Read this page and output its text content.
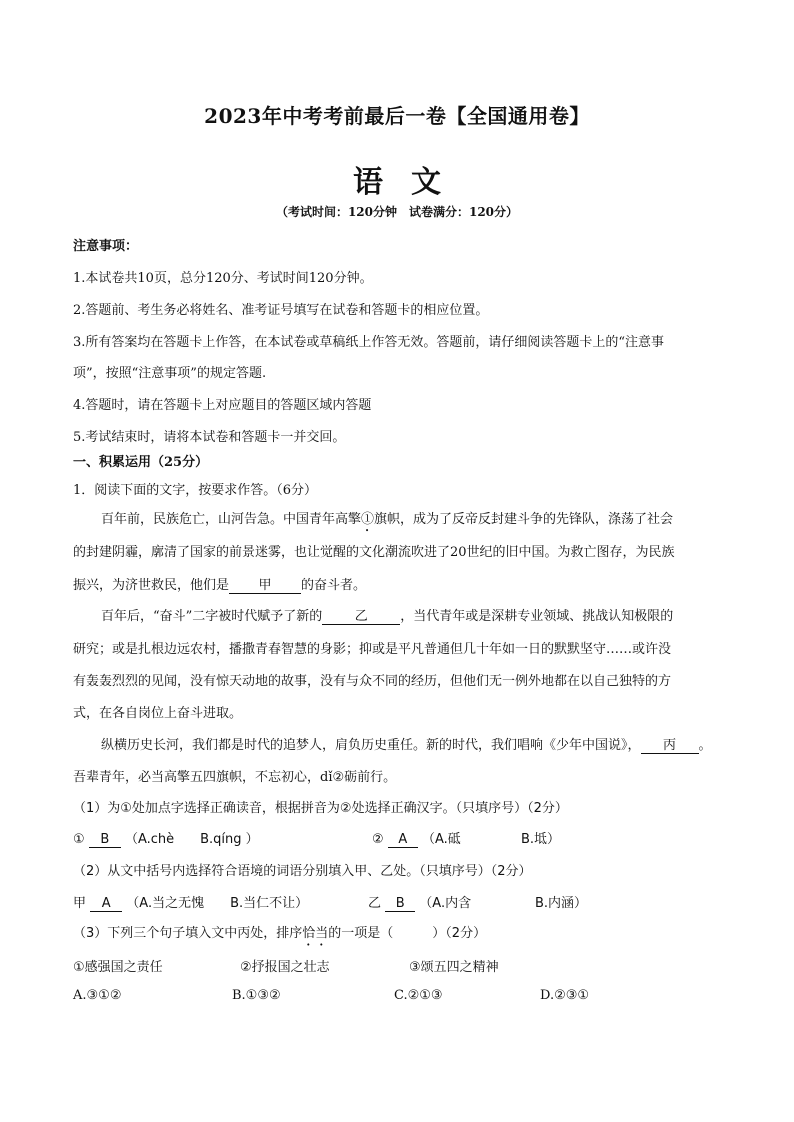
2023年中考考前最后一卷【全国通用卷】
语文
（考试时间：120分钟　试卷满分：120分）
注意事项：
1.本试卷共10页，总分120分、考试时间120分钟。
2.答题前、考生务必将姓名、准考证号填写在试卷和答题卡的相应位置。
3.所有答案均在答题卡上作答，在本试卷或草稿纸上作答无效。答题前，请仔细阅读答题卡上的“注意事
项”，按照“注意事项”的规定答题.
4.答题时，请在答题卡上对应题目的答题区域内答题
5.考试结束时，请将本试卷和答题卡一并交回。
一、积累运用（25分）
1．阅读下面的文字，按要求作答。（6分）
百年前，民族危亡，山河告急。中国青年高擎①旗帜，成为了反帝反封建斗争的先锋队，涤荡了社会
的封建阴霾，廓清了国家的前景迷雾，也让觉醒的文化潮流吹进了20世纪的旧中国。为救亡图存，为民族
振兴，为济世救民，他们是 甲 的奋斗者。
百年后，“奋斗”二字被时代赋予了新的 乙	，当代青年或是深耕专业领域、挑战认知极限的
研究；或是扎根边远农村，播撒青春智慧的身影；抑或是平凡普通但几十年如一日的默默坚守……或许没
有轰轰烈烈的见闻，没有惊天动地的故事，没有与众不同的经历，但他们无一例外地都在以自己独特的方
式，在各自岗位上奋斗进取。
纵横历史长河，我们都是时代的追梦人，肩负历史重任。新的时代，我们唱响《少年中国说》， 丙 。
吾辈青年，必当高擎五四旗帜，不忘初心，dǐ②砺前行。
（1）为①处加点字选择正确读音，根据拼音为②处选择正确汉字。（只填序号）（2分）
① B （A.chè　　B.qíng ）	② A （A.砥	B.坻）
（2）从文中括号内选择符合语境的词语分别填入甲、乙处。（只填序号）（2分）
甲 A （A.当之无愧　　B.当仁不让）	乙 B （A.内含	B.内涵）
（3）下列三个句子填入文中丙处，排序恰当的一项是（　　　）（2分）
①感强国之责任	②抒报国之壮志	③颂五四之精神
A.③①②	B.①③②	C.②①③	D.②③①
